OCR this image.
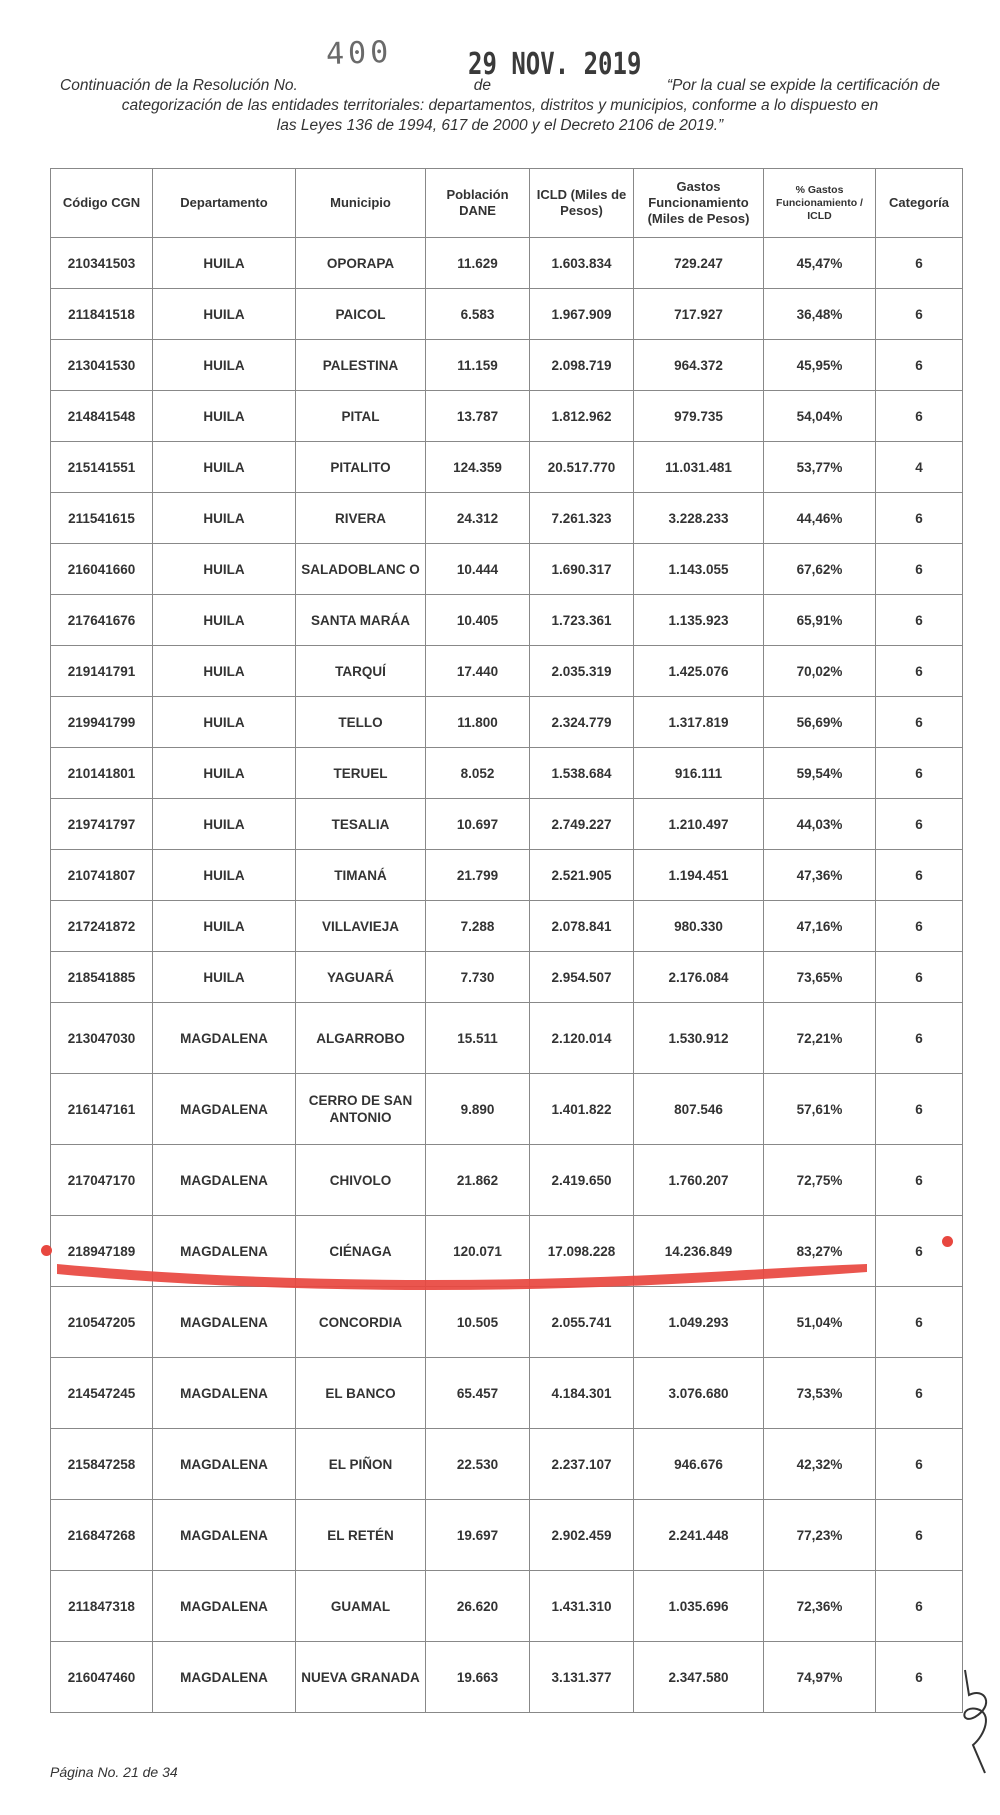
400	29 NOV. 2019
Continuación de la Resolución No.	de	“Por la cual se expide la certificación de
categorización de las entidades territoriales: departamentos, distritos y municipios, conforme a lo dispuesto en
las Leyes 136 de 1994, 617 de 2000 y el Decreto 2106 de 2019.”
Código CGN	Departamento	Municipio	Población DANE	ICLD (Miles de Pesos)	Gastos Funcionamiento (Miles de Pesos)	% Gastos Funcionamiento / ICLD	Categoría
210341503	HUILA	OPORAPA	11.629	1.603.834	729.247	45,47%	6
211841518	HUILA	PAICOL	6.583	1.967.909	717.927	36,48%	6
213041530	HUILA	PALESTINA	11.159	2.098.719	964.372	45,95%	6
214841548	HUILA	PITAL	13.787	1.812.962	979.735	54,04%	6
215141551	HUILA	PITALITO	124.359	20.517.770	11.031.481	53,77%	4
211541615	HUILA	RIVERA	24.312	7.261.323	3.228.233	44,46%	6
216041660	HUILA	SALADOBLANC O	10.444	1.690.317	1.143.055	67,62%	6
217641676	HUILA	SANTA MARÁA	10.405	1.723.361	1.135.923	65,91%	6
219141791	HUILA	TARQUÍ	17.440	2.035.319	1.425.076	70,02%	6
219941799	HUILA	TELLO	11.800	2.324.779	1.317.819	56,69%	6
210141801	HUILA	TERUEL	8.052	1.538.684	916.111	59,54%	6
219741797	HUILA	TESALIA	10.697	2.749.227	1.210.497	44,03%	6
210741807	HUILA	TIMANÁ	21.799	2.521.905	1.194.451	47,36%	6
217241872	HUILA	VILLAVIEJA	7.288	2.078.841	980.330	47,16%	6
218541885	HUILA	YAGUARÁ	7.730	2.954.507	2.176.084	73,65%	6
213047030	MAGDALENA	ALGARROBO	15.511	2.120.014	1.530.912	72,21%	6
216147161	MAGDALENA	CERRO DE SAN ANTONIO	9.890	1.401.822	807.546	57,61%	6
217047170	MAGDALENA	CHIVOLO	21.862	2.419.650	1.760.207	72,75%	6
218947189	MAGDALENA	CIÉNAGA	120.071	17.098.228	14.236.849	83,27%	6
210547205	MAGDALENA	CONCORDIA	10.505	2.055.741	1.049.293	51,04%	6
214547245	MAGDALENA	EL BANCO	65.457	4.184.301	3.076.680	73,53%	6
215847258	MAGDALENA	EL PIÑON	22.530	2.237.107	946.676	42,32%	6
216847268	MAGDALENA	EL RETÉN	19.697	2.902.459	2.241.448	77,23%	6
211847318	MAGDALENA	GUAMAL	26.620	1.431.310	1.035.696	72,36%	6
216047460	MAGDALENA	NUEVA GRANADA	19.663	3.131.377	2.347.580	74,97%	6
Página No. 21 de 34
